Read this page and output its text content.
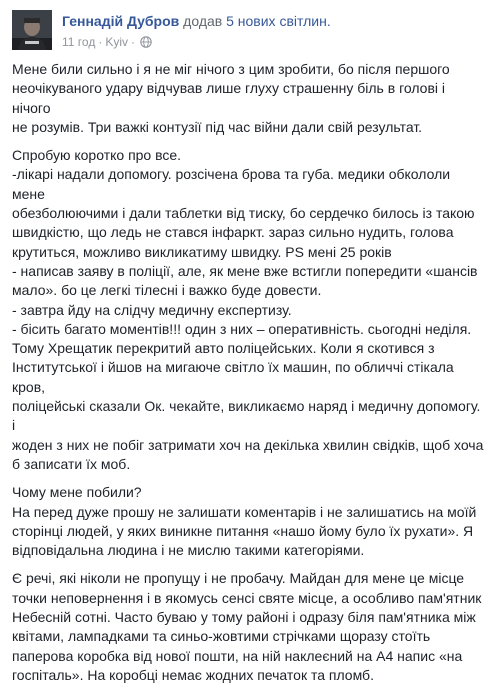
Геннадій Дубров додав 5 нових світлин.
11 год · Kyiv ·

Мене били сильно і я не міг нічого з цим зробити, бо після першого
неочікуваного удару відчував лише глуху страшенну біль в голові і нічого
не розумів. Три важкі контузії під час війни дали свій результат.

Спробую коротко про все.
-лікарі надали допомогу. розсічена брова та губа. медики обкололи мене
обезболюючими і дали таблетки від тиску, бо сердечко билось із такою
швидкістю, що ледь не стався інфаркт. зараз сильно нудить, голова
крутиться, можливо викликатиму швидку. PS мені 25 років
- написав заяву в поліції, але, як мене вже встигли попередити «шансів
мало». бо це легкі тілесні і важко буде довести.
- завтра йду на слідчу медичну експертизу.
- бісить багато моментів!!! один з них – оперативність. сьогодні неділя.
Тому Хрещатик перекритий авто поліцейських. Коли я скотився з
Інститутської і йшов на мигаюче світло їх машин, по обличчі стікала кров,
поліцейські сказали Ок. чекайте, викликаємо наряд і медичну допомогу. і
жоден з них не побіг затримати хоч на декілька хвилин свідків, щоб хоча
б записати їх моб.

Чому мене побили?
На перед дуже прошу не залишати коментарів і не залишатись на моїй
сторінці людей, у яких виникне питання «нашо йому було їх рухати». Я
відповідальна людина і не мислю такими категоріями.

Є речі, які ніколи не пропущу і не пробачу. Майдан для мене це місце
точки неповернення і в якомусь сенсі святе місце, а особливо пам'ятник
Небесній сотні. Часто буваю у тому районі і одразу біля пам'ятника між
квітами, лампадками та синьо-жовтими стрічками щоразу стоїть
паперова коробка від нової пошти, на ній наклеєний на А4 напис «на
госпіталь». На коробці немає жодних печаток та пломб.
